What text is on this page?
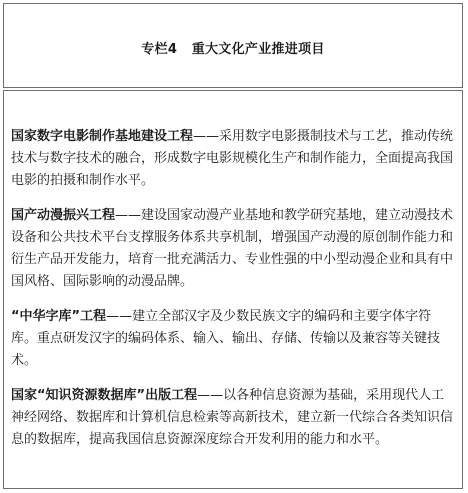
专栏4   重大文化产业推进项目

国家数字电影制作基地建设工程——采用数字电影摄制技术与工艺，推动传统技术与数字技术的融合，形成数字电影规模化生产和制作能力，全面提高我国电影的拍摄和制作水平。

国产动漫振兴工程——建设国家动漫产业基地和教学研究基地，建立动漫技术设备和公共技术平台支撑服务体系共享机制，增强国产动漫的原创制作能力和衍生产品开发能力，培育一批充满活力、专业性强的中小型动漫企业和具有中国风格、国际影响的动漫品牌。

“中华字库”工程——建立全部汉字及少数民族文字的编码和主要字体字符库。重点研发汉字的编码体系、输入、输出、存储、传输以及兼容等关键技术。

国家“知识资源数据库”出版工程——以各种信息资源为基础，采用现代人工神经网络、数据库和计算机信息检索等高新技术，建立新一代综合各类知识信息的数据库，提高我国信息资源深度综合开发利用的能力和水平。
